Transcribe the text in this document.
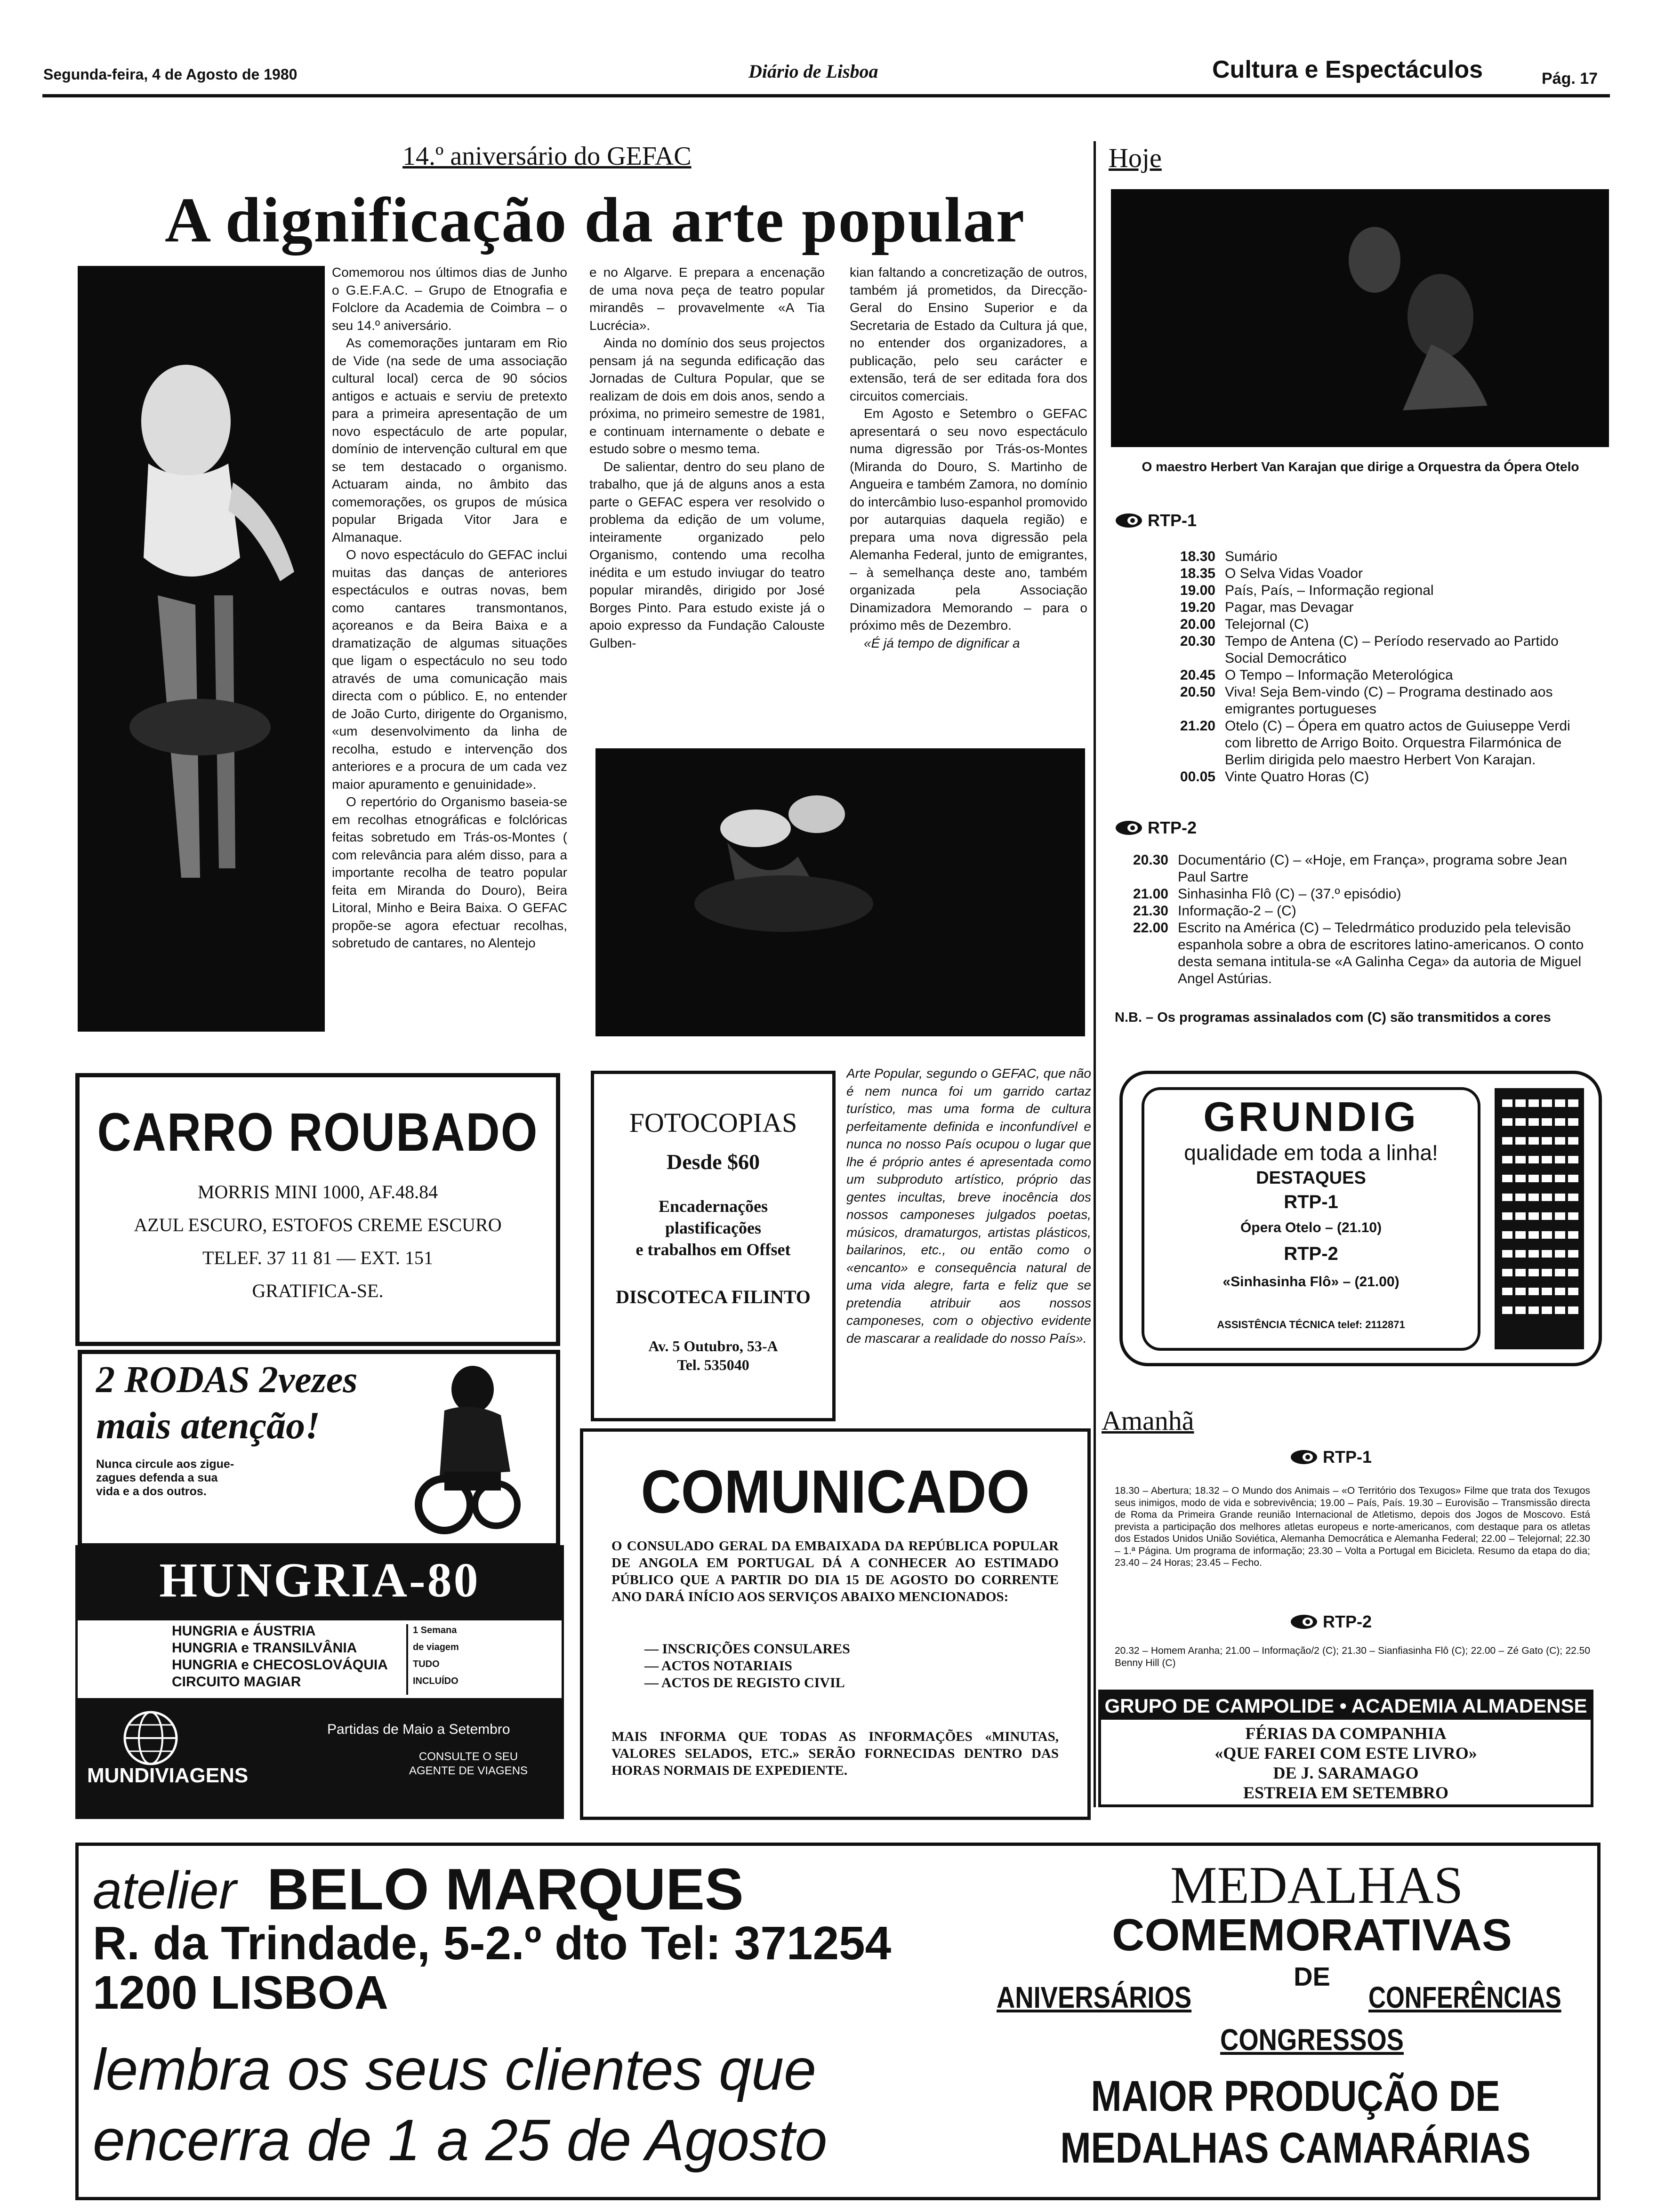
Segunda-feira, 4 de Agosto de 1980	Diário de Lisboa	Cultura e Espectáculos	Pág. 17
14.º aniversário do GEFAC
A dignificação da arte popular

Comemorou nos últimos dias de Junho o G.E.F.A.C. – Grupo de Etnografia e Folclore da Academia de Coimbra – o seu 14.º aniversário.

As comemorações juntaram em Rio de Vide (na sede de uma associação cultural local) cerca de 90 sócios antigos e actuais e serviu de pretexto para a primeira apresentação de um novo espectáculo de arte popular, domínio de intervenção cultural em que se tem destacado o organismo. Actuaram ainda, no âmbito das comemorações, os grupos de música popular Brigada Vitor Jara e Almanaque.

O novo espectáculo do GEFAC inclui muitas das danças de anteriores espectáculos e outras novas, bem como cantares transmontanos, açoreanos e da Beira Baixa e a dramatização de algumas situações que ligam o espectáculo no seu todo através de uma comunicação mais directa com o público. E, no entender de João Curto, dirigente do Organismo, «um desenvolvimento da linha de recolha, estudo e intervenção dos anteriores e a procura de um cada vez maior apuramento e genuinidade».

O repertório do Organismo baseia-se em recolhas etnográficas e folclóricas feitas sobretudo em Trás-os-Montes ( com relevância para além disso, para a importante recolha de teatro popular feita em Miranda do Douro), Beira Litoral, Minho e Beira Baixa. O GEFAC propõe-se agora efectuar recolhas, sobretudo de cantares, no Alentejo

e no Algarve. E prepara a encenação de uma nova peça de teatro popular mirandês – provavelmente «A Tia Lucrécia».

Ainda no domínio dos seus projectos pensam já na segunda edificação das Jornadas de Cultura Popular, que se realizam de dois em dois anos, sendo a próxima, no primeiro semestre de 1981, e continuam internamente o debate e estudo sobre o mesmo tema.

De salientar, dentro do seu plano de trabalho, que já de alguns anos a esta parte o GEFAC espera ver resolvido o problema da edição de um volume, inteiramente organizado pelo Organismo, contendo uma recolha inédita e um estudo inviugar do teatro popular mirandês, dirigido por José Borges Pinto. Para estudo existe já o apoio expresso da Fundação Calouste Gulben-

kian faltando a concretização de outros, também já prometidos, da Direcção-Geral do Ensino Superior e da Secretaria de Estado da Cultura já que, no entender dos organizadores, a publicação, pelo seu carácter e extensão, terá de ser editada fora dos circuitos comerciais.

Em Agosto e Setembro o GEFAC apresentará o seu novo espectáculo numa digressão por Trás-os-Montes (Miranda do Douro, S. Martinho de Angueira e também Zamora, no domínio do intercâmbio luso-espanhol promovido por autarquias daquela região) e prepara uma nova digressão pela Alemanha Federal, junto de emigrantes, – à semelhança deste ano, também organizada pela Associação Dinamizadora Memorando – para o próximo mês de Dezembro.

«É já tempo de dignificar a

Arte Popular, segundo o GEFAC, que não é nem nunca foi um garrido cartaz turístico, mas uma forma de cultura perfeitamente definida e inconfundível e nunca no nosso País ocupou o lugar que lhe é próprio antes é apresentada como um subproduto artístico, próprio das gentes incultas, breve inocência dos nossos camponeses julgados poetas, músicos, dramaturgos, artistas plásticos, bailarinos, etc., ou então como o «encanto» e consequência natural de uma vida alegre, farta e feliz que se pretendia atribuir aos nossos camponeses, com o objectivo evidente de mascarar a realidade do nosso País».

CARRO ROUBADO
MORRIS MINI 1000, AF.48.84
AZUL ESCURO, ESTOFOS CREME ESCURO
TELEF. 37 11 81 — EXT. 151
GRATIFICA-SE.
FOTOCOPIAS
Desde $60
Encadernações
plastificações
e trabalhos em Offset
DISCOTECA FILINTO
Av. 5 Outubro, 53-A
Tel. 535040
2 RODAS 2vezes
mais atenção!
Nunca circule aos zigue-zagues defenda a sua vida e a dos outros.
HUNGRIA-80
HUNGRIA e ÁUSTRIA
HUNGRIA e TRANSILVÂNIA
HUNGRIA e CHECOSLOVÁQUIA
CIRCUITO MAGIAR
1 Semana
de viagem
TUDO
INCLUÍDO
MUNDIVIAGENS
Partidas de Maio a Setembro
CONSULTE O SEU AGENTE DE VIAGENS
COMUNICADO
O CONSULADO GERAL DA EMBAIXADA DA REPÚBLICA POPULAR DE ANGOLA EM PORTUGAL DÁ A CONHECER AO ESTIMADO PÚBLICO QUE A PARTIR DO DIA 15 DE AGOSTO DO CORRENTE ANO DARÁ INÍCIO AOS SERVIÇOS ABAIXO MENCIONADOS:
— INSCRIÇÕES CONSULARES
— ACTOS NOTARIAIS
— ACTOS DE REGISTO CIVIL
MAIS INFORMA QUE TODAS AS INFORMAÇÕES «MINUTAS, VALORES SELADOS, ETC.» SERÃO FORNECIDAS DENTRO DAS HORAS NORMAIS DE EXPEDIENTE.
Hoje
O maestro Herbert Van Karajan que dirige a Orquestra da Ópera Otelo
RTP-1
18.30 Sumário
18.35 O Selva Vidas Voador
19.00 País, País, – Informação regional
19.20 Pagar, mas Devagar
20.00 Telejornal (C)
20.30 Tempo de Antena (C) – Período reservado ao Partido Social Democrático
20.45 O Tempo – Informação Meterológica
20.50 Viva! Seja Bem-vindo (C) – Programa destinado aos emigrantes portugueses
21.20 Otelo (C) – Ópera em quatro actos de Guiuseppe Verdi com libretto de Arrigo Boito. Orquestra Filarmónica de Berlim dirigida pelo maestro Herbert Von Karajan.
00.05 Vinte Quatro Horas (C)
RTP-2
20.30 Documentário (C) – «Hoje, em França», programa sobre Jean Paul Sartre
21.00 Sinhasinha Flô (C) – (37.º episódio)
21.30 Informação-2 – (C)
22.00 Escrito na América (C) – Teledrmático produzido pela televisão espanhola sobre a obra de escritores latino-americanos. O conto desta semana intitula-se «A Galinha Cega» da autoria de Miguel Angel Astúrias.
N.B. – Os programas assinalados com (C) são transmitidos a cores
GRUNDIG
qualidade em toda a linha!
DESTAQUES
RTP-1
Ópera Otelo – (21.10)
RTP-2
«Sinhasinha Flô» – (21.00)
ASSISTÊNCIA TÉCNICA telef: 2112871
Amanhã
RTP-1
18.30 – Abertura; 18.32 – O Mundo dos Animais – «O Território dos Texugos» Filme que trata dos Texugos seus inimigos, modo de vida e sobrevivência; 19.00 – País, País. 19.30 – Eurovisão – Transmissão directa de Roma da Primeira Grande reunião Internacional de Atletismo, depois dos Jogos de Moscovo. Está prevista a participação dos melhores atletas europeus e norte-americanos, com destaque para os atletas dos Estados Unidos União Soviética, Alemanha Democrática e Alemanha Federal; 22.00 – Telejornal; 22.30 – 1.ª Página. Um programa de informação; 23.30 – Volta a Portugal em Bicicleta. Resumo da etapa do dia; 23.40 – 24 Horas; 23.45 – Fecho.
RTP-2
20.32 – Homem Aranha; 21.00 – Informação/2 (C); 21.30 – Sianfiasinha Flô (C); 22.00 – Zé Gato (C); 22.50 Benny Hill (C)
GRUPO DE CAMPOLIDE • ACADEMIA ALMADENSE
FÉRIAS DA COMPANHIA
«QUE FAREI COM ESTE LIVRO»
DE J. SARAMAGO
ESTREIA EM SETEMBRO
atelier BELO MARQUES
R. da Trindade, 5-2.º dto Tel: 371254
1200 LISBOA
lembra os seus clientes que
encerra de 1 a 25 de Agosto
MEDALHAS
COMEMORATIVAS
DE
ANIVERSÁRIOS	CONFERÊNCIAS
CONGRESSOS
MAIOR PRODUÇÃO DE
MEDALHAS CAMARÁRIAS
